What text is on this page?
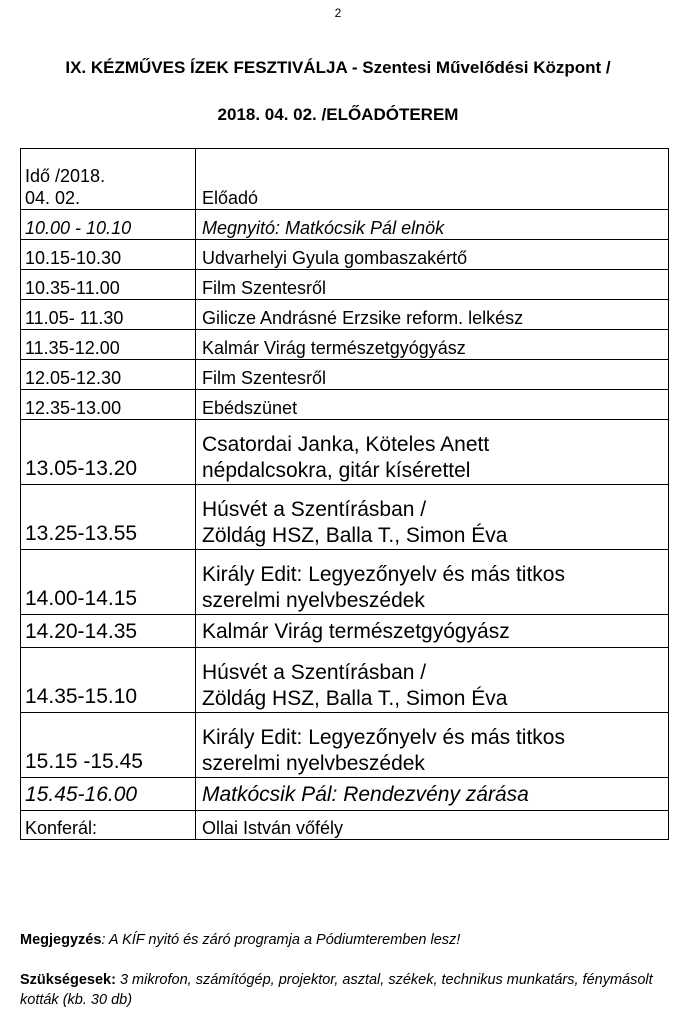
2
IX. KÉZMŰVES ÍZEK FESZTIVÁLJA - Szentesi Művelődési Központ /
2018. 04. 02. /ELŐADÓTEREM
Idő /2018.
04. 02.	Előadó
10.00 - 10.10	Megnyitó: Matkócsik Pál elnök
10.15-10.30	Udvarhelyi Gyula gombaszakértő
10.35-11.00	Film Szentesről
11.05- 11.30	Gilicze Andrásné Erzsike reform. lelkész
11.35-12.00	Kalmár Virág természetgyógyász
12.05-12.30	Film Szentesről
12.35-13.00	Ebédszünet
13.05-13.20	Csatordai Janka, Köteles Anett
népdalcsokra, gitár kísérettel
13.25-13.55	Húsvét a Szentírásban /
Zöldág HSZ, Balla T., Simon Éva
14.00-14.15	Király Edit: Legyezőnyelv és más titkos
szerelmi nyelvbeszédek
14.20-14.35	Kalmár Virág természetgyógyász
14.35-15.10	Húsvét a Szentírásban /
Zöldág HSZ, Balla T., Simon Éva
15.15 -15.45	Király Edit: Legyezőnyelv és más titkos
szerelmi nyelvbeszédek
15.45-16.00	Matkócsik Pál: Rendezvény zárása
Konferál:	Ollai István vőfély
Megjegyzés: A KÍF nyitó és záró programja a Pódiumteremben lesz!
Szükségesek: 3 mikrofon, számítógép, projektor, asztal, székek, technikus munkatárs, fénymásolt kották (kb. 30 db)
